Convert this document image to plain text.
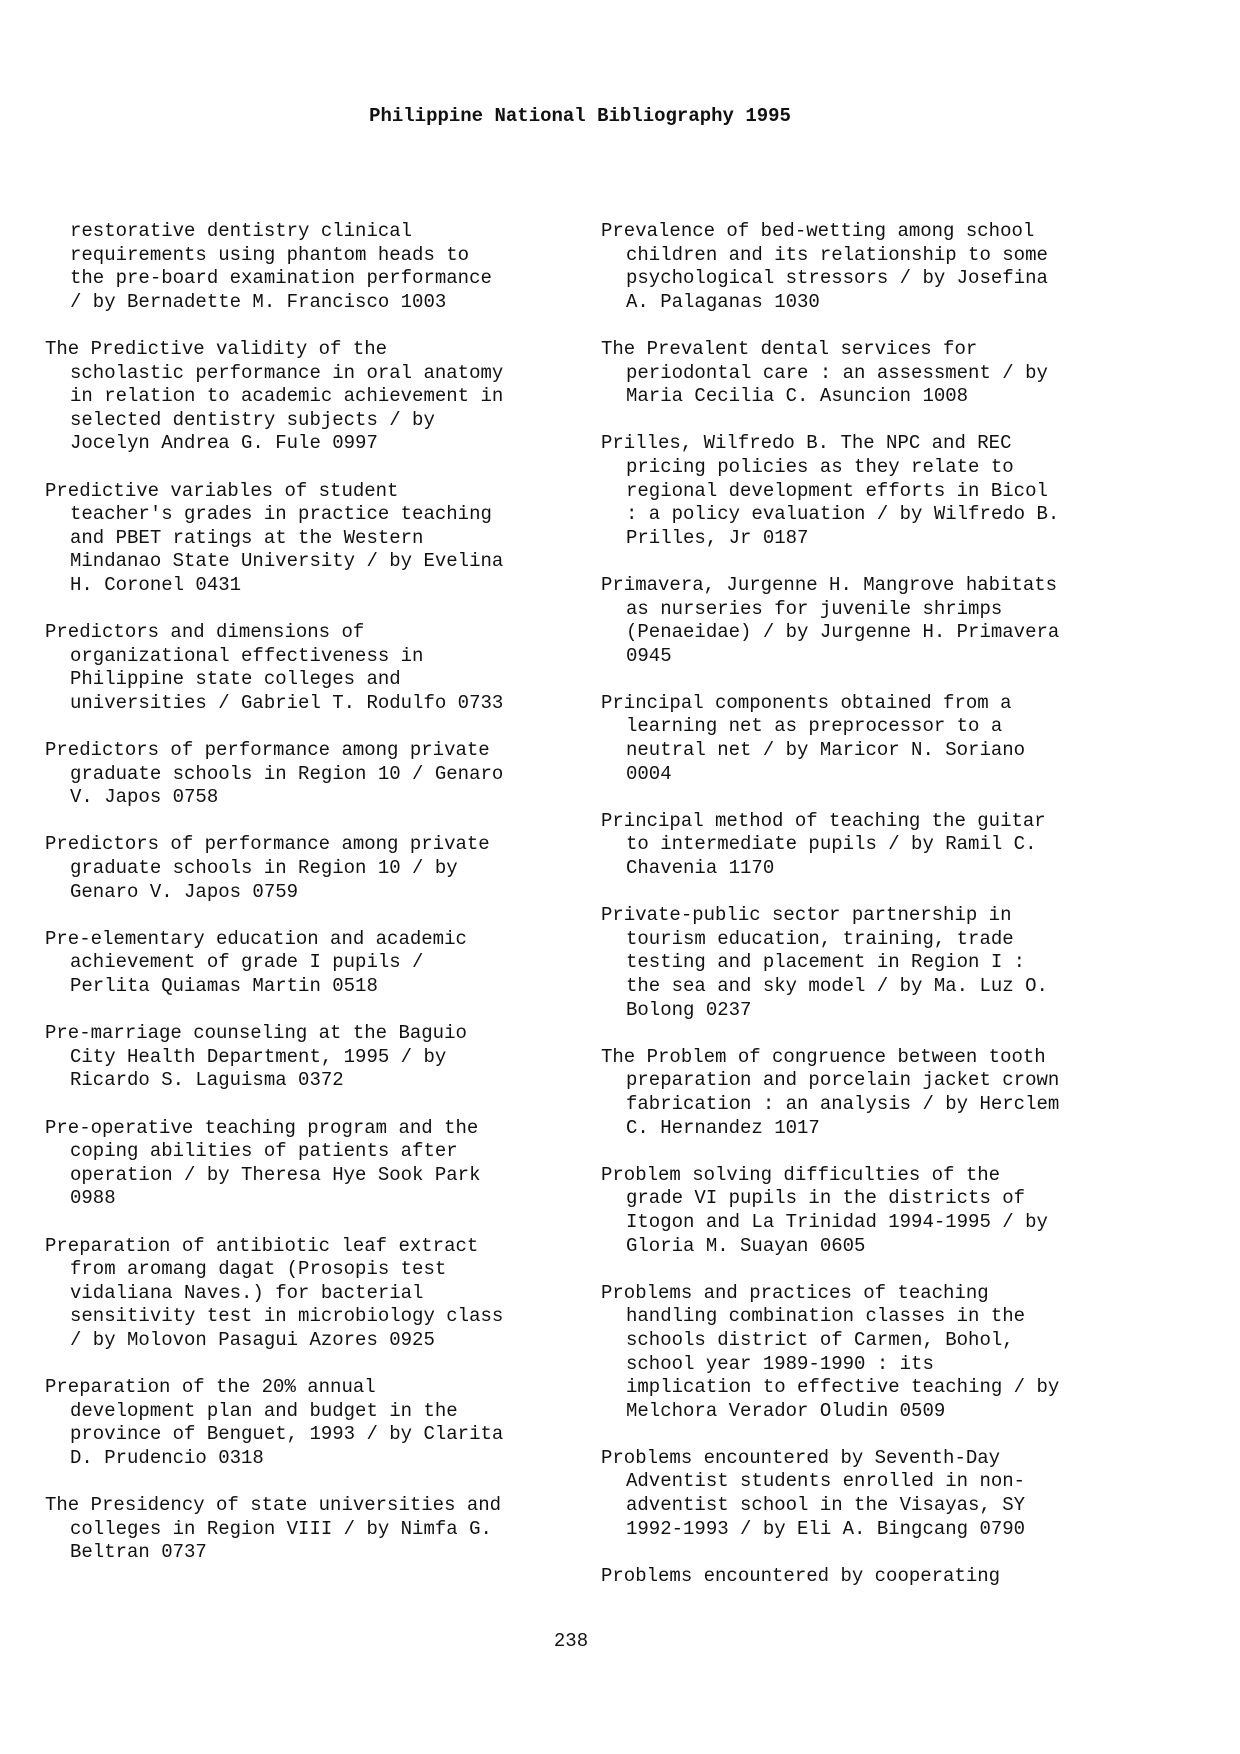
Philippine National Bibliography 1995

restorative dentistry clinical
requirements using phantom heads to
the pre-board examination performance
/ by Bernadette M. Francisco 1003

The Predictive validity of the
scholastic performance in oral anatomy
in relation to academic achievement in
selected dentistry subjects / by
Jocelyn Andrea G. Fule 0997

Predictive variables of student
teacher's grades in practice teaching
and PBET ratings at the Western
Mindanao State University / by Evelina
H. Coronel 0431

Predictors and dimensions of
organizational effectiveness in
Philippine state colleges and
universities / Gabriel T. Rodulfo 0733

Predictors of performance among private
graduate schools in Region 10 / Genaro
V. Japos 0758

Predictors of performance among private
graduate schools in Region 10 / by
Genaro V. Japos 0759

Pre-elementary education and academic
achievement of grade I pupils /
Perlita Quiamas Martin 0518

Pre-marriage counseling at the Baguio
City Health Department, 1995 / by
Ricardo S. Laguisma 0372

Pre-operative teaching program and the
coping abilities of patients after
operation / by Theresa Hye Sook Park
0988

Preparation of antibiotic leaf extract
from aromang dagat (Prosopis test
vidaliana Naves.) for bacterial
sensitivity test in microbiology class
/ by Molovon Pasagui Azores 0925

Preparation of the 20% annual
development plan and budget in the
province of Benguet, 1993 / by Clarita
D. Prudencio 0318

The Presidency of state universities and
colleges in Region VIII / by Nimfa G.
Beltran 0737

Prevalence of bed-wetting among school
children and its relationship to some
psychological stressors / by Josefina
A. Palaganas 1030

The Prevalent dental services for
periodontal care : an assessment / by
Maria Cecilia C. Asuncion 1008

Prilles, Wilfredo B. The NPC and REC
pricing policies as they relate to
regional development efforts in Bicol
: a policy evaluation / by Wilfredo B.
Prilles, Jr 0187

Primavera, Jurgenne H. Mangrove habitats
as nurseries for juvenile shrimps
(Penaeidae) / by Jurgenne H. Primavera
0945

Principal components obtained from a
learning net as preprocessor to a
neutral net / by Maricor N. Soriano
0004

Principal method of teaching the guitar
to intermediate pupils / by Ramil C.
Chavenia 1170

Private-public sector partnership in
tourism education, training, trade
testing and placement in Region I :
the sea and sky model / by Ma. Luz O.
Bolong 0237

The Problem of congruence between tooth
preparation and porcelain jacket crown
fabrication : an analysis / by Herclem
C. Hernandez 1017

Problem solving difficulties of the
grade VI pupils in the districts of
Itogon and La Trinidad 1994-1995 / by
Gloria M. Suayan 0605

Problems and practices of teaching
handling combination classes in the
schools district of Carmen, Bohol,
school year 1989-1990 : its
implication to effective teaching / by
Melchora Verador Oludin 0509

Problems encountered by Seventh-Day
Adventist students enrolled in non-
adventist school in the Visayas, SY
1992-1993 / by Eli A. Bingcang 0790

Problems encountered by cooperating

238
